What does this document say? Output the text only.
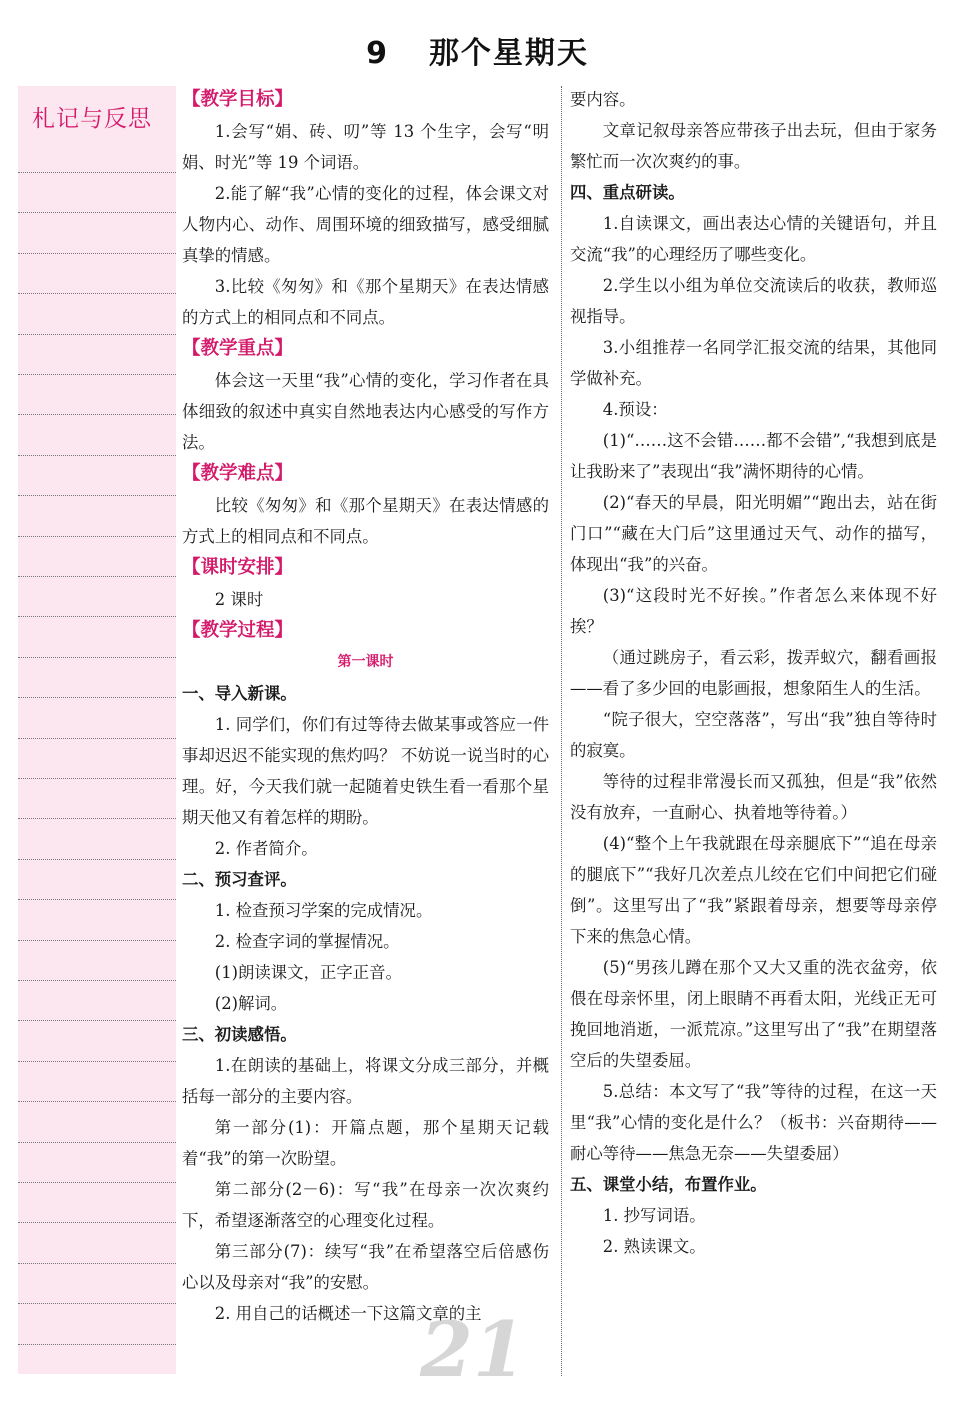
9 那个星期天
札记与反思

【教学目标】

1.会写“娟、砖、叨”等 13 个生字，会写“明娟、时光”等 19 个词语。

2.能了解“我”心情的变化的过程，体会课文对人物内心、动作、周围环境的细致描写，感受细腻真挚的情感。

3.比较《匆匆》和《那个星期天》在表达情感的方式上的相同点和不同点。

【教学重点】

体会这一天里“我”心情的变化，学习作者在具体细致的叙述中真实自然地表达内心感受的写作方法。

【教学难点】

比较《匆匆》和《那个星期天》在表达情感的方式上的相同点和不同点。

【课时安排】

2 课时

【教学过程】

第一课时

一、导入新课。

1. 同学们，你们有过等待去做某事或答应一件事却迟迟不能实现的焦灼吗？ 不妨说一说当时的心理。好，今天我们就一起随着史铁生看一看那个星期天他又有着怎样的期盼。

2. 作者简介。

二、预习查评。

1. 检查预习学案的完成情况。

2. 检查字词的掌握情况。

(1)朗读课文，正字正音。

(2)解词。

三、初读感悟。

1.在朗读的基础上，将课文分成三部分，并概括每一部分的主要内容。

第一部分(1)：开篇点题，那个星期天记载着“我”的第一次盼望。

第二部分(2－6)：写“我”在母亲一次次爽约下，希望逐渐落空的心理变化过程。

第三部分(7)：续写“我”在希望落空后倍感伤心以及母亲对“我”的安慰。

2. 用自己的话概述一下这篇文章的主

要内容。

文章记叙母亲答应带孩子出去玩，但由于家务繁忙而一次次爽约的事。

四、重点研读。

1.自读课文，画出表达心情的关键语句，并且交流“我”的心理经历了哪些变化。

2.学生以小组为单位交流读后的收获，教师巡视指导。

3.小组推荐一名同学汇报交流的结果，其他同学做补充。

4.预设：

(1)“……这不会错……都不会错”,“我想到底是让我盼来了”表现出“我”满怀期待的心情。

(2)“春天的早晨，阳光明媚”“跑出去，站在街门口”“藏在大门后”这里通过天气、动作的描写，体现出“我”的兴奋。

(3)“这段时光不好挨。”作者怎么来体现不好挨？

（通过跳房子，看云彩，拨弄蚁穴，翻看画报——看了多少回的电影画报，想象陌生人的生活。

“院子很大，空空落落”，写出“我”独自等待时的寂寞。

等待的过程非常漫长而又孤独，但是“我”依然没有放弃，一直耐心、执着地等待着。）

(4)“整个上午我就跟在母亲腿底下”“追在母亲的腿底下”“我好几次差点儿绞在它们中间把它们碰倒”。这里写出了“我”紧跟着母亲，想要等母亲停下来的焦急心情。

(5)“男孩儿蹲在那个又大又重的洗衣盆旁，依偎在母亲怀里，闭上眼睛不再看太阳，光线正无可挽回地消逝，一派荒凉。”这里写出了“我”在期望落空后的失望委屈。

5.总结：本文写了“我”等待的过程，在这一天里“我”心情的变化是什么？（板书：兴奋期待——耐心等待——焦急无奈——失望委屈）

五、课堂小结，布置作业。

1. 抄写词语。

2. 熟读课文。

21
